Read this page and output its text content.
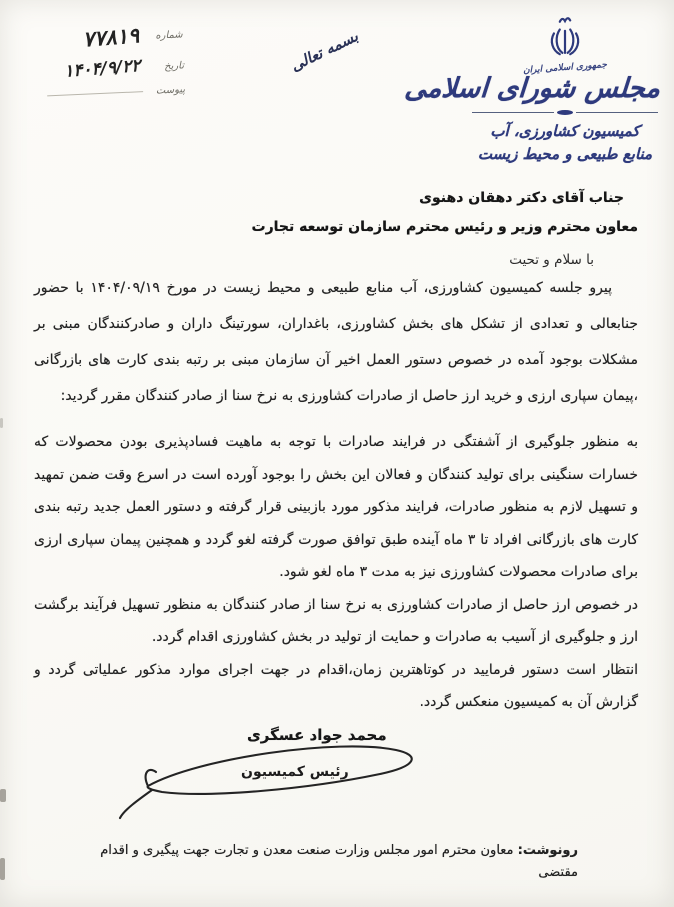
شماره
۷۷۸۱۹
تاریخ
۱۴۰۴/۹/۲۲
پیوست
بسمه تعالی	جمهوری اسلامی ایران
مجلس شورای اسلامی
کمیسیون کشاورزی، آب
منابع طبیعی و محیط زیست
جناب آقای دکتر دهقان دهنوی
معاون محترم وزیر و رئیس محترم سازمان توسعه تجارت
با سلام و تحیت

پیرو جلسه کمیسیون کشاورزی، آب منابع طبیعی و محیط زیست در مورخ ۱۴۰۴/۰۹/۱۹ با حضور جنابعالی و تعدادی از تشکل های بخش کشاورزی، باغداران، سورتینگ داران و صادرکنندگان مبنی بر مشکلات بوجود آمده در خصوص دستور العمل اخیر آن سازمان مبنی بر رتبه بندی کارت های بازرگانی ،پیمان سپاری ارزی و خرید ارز حاصل از صادرات کشاورزی به نرخ سنا از صادر کنندگان مقرر گردید:

به منظور جلوگیری از آشفتگی در فرایند صادرات با توجه به ماهیت فسادپذیری بودن محصولات که خسارات سنگینی برای تولید کنندگان و فعالان این بخش را بوجود آورده است در اسرع وقت ضمن تمهید و تسهیل لازم به منظور صادرات، فرایند مذکور مورد بازبینی قرار گرفته و دستور العمل جدید رتبه بندی کارت های بازرگانی افراد تا ۳ ماه آینده طبق توافق صورت گرفته لغو گردد و همچنین پیمان سپاری ارزی برای صادرات محصولات کشاورزی نیز به مدت ۳ ماه لغو شود.

در خصوص ارز حاصل از صادرات کشاورزی به نرخ سنا از صادر کنندگان به منظور تسهیل فرآیند برگشت ارز و جلوگیری از آسیب به صادرات و حمایت از تولید در بخش کشاورزی اقدام گردد.

انتظار است دستور فرمایید در کوتاهترین زمان،اقدام در جهت اجرای موارد مذکور عملیاتی گردد و گزارش آن به کمیسیون منعکس گردد.

محمد جواد عسگری
رئیس کمیسیون
رونوشت: معاون محترم امور مجلس وزارت صنعت معدن و تجارت جهت پیگیری و اقدام مقتضی
